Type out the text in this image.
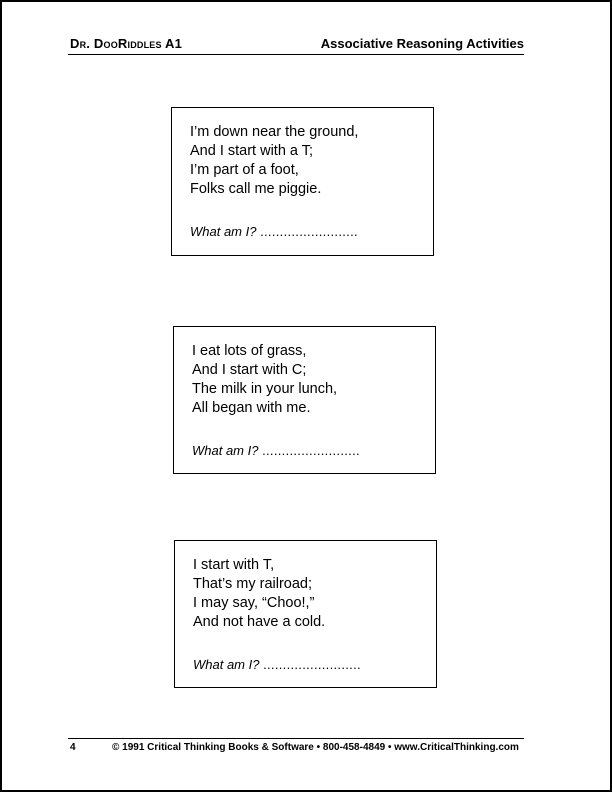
Dr. DooRiddles A1	Associative Reasoning Activities
I’m down near the ground,
And I start with a T;
I’m part of a foot,
Folks call me piggie.
What am I? .........................
I eat lots of grass,
And I start with C;
The milk in your lunch,
All began with me.
What am I? .........................
I start with T,
That’s my railroad;
I may say, “Choo!,”
And not have a cold.
What am I? .........................
4	© 1991 Critical Thinking Books & Software • 800-458-4849 • www.CriticalThinking.com
